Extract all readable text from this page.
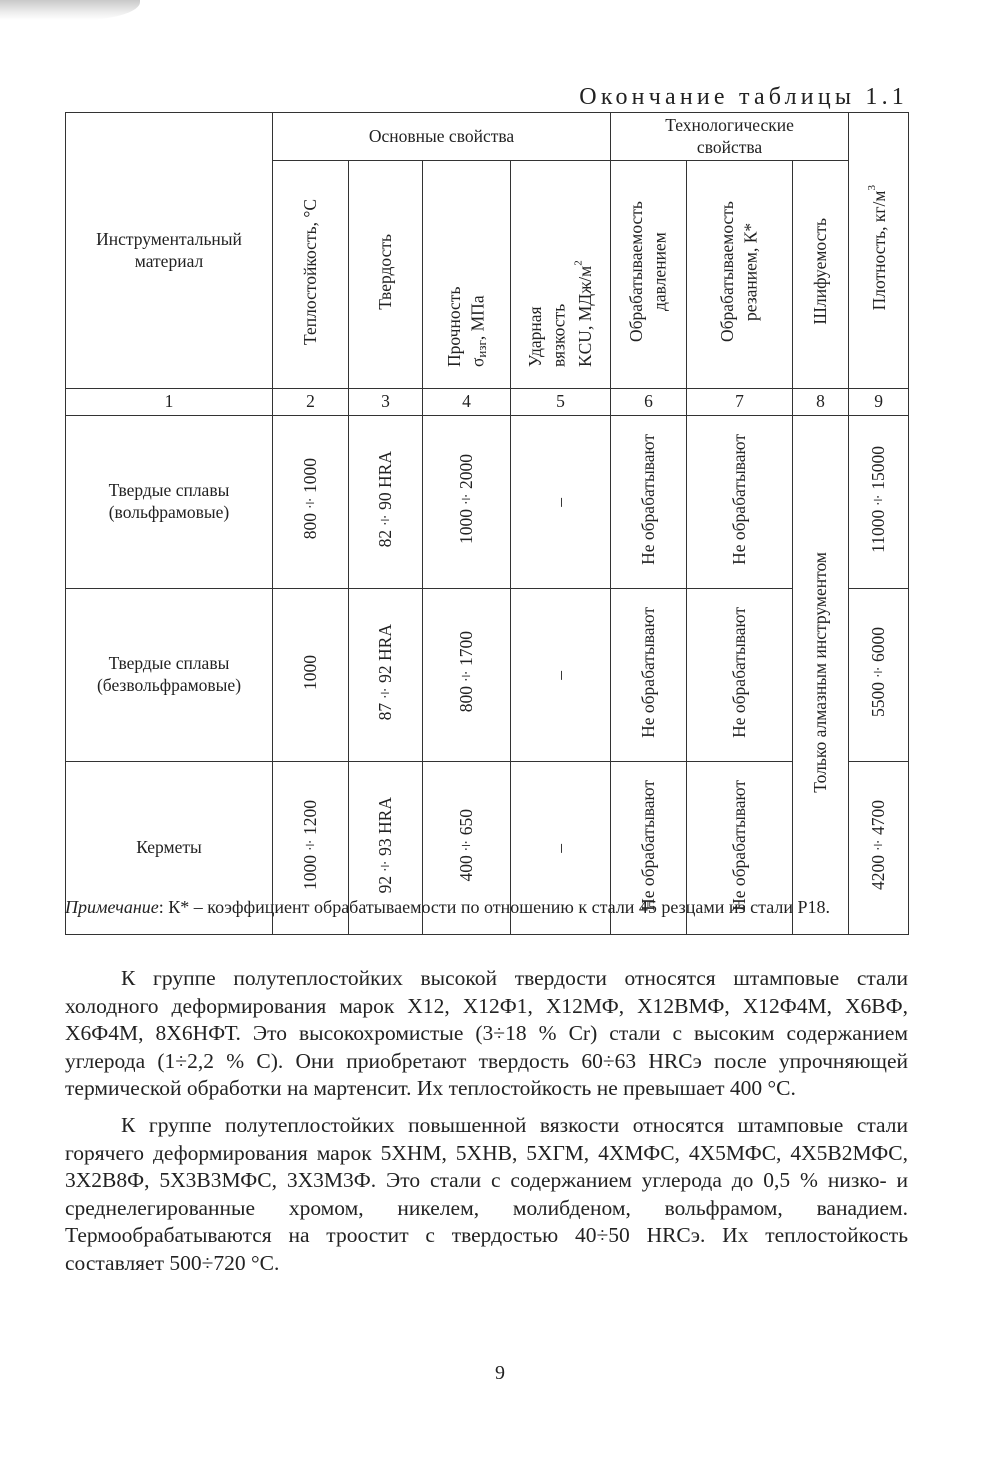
Окончание таблицы 1.1
Инструментальный материал	Основные свойства				Технологические свойства			Плотность, $кг/м^3$
	Теплостойкость, °С	Твердость	Прочность $\sigma_{изг}$, МПа	Ударная вязкость KCU, МДж/$м^2$	Обрабатываемость давлением	Обрабатываемость резанием, К*	Шлифуемость	
1	2	3	4	5	6	7	8	9
Твердые сплавы (вольфрамовые)	800÷1000	82÷90 HRA	1000÷2000	–	Не обрабатывают	Не обрабатывают	Только алмазным инструментом	11000÷15000
Твердые сплавы (безвольфрамовые)	1000	87÷92 HRA	800÷1700	–	Не обрабатывают	Не обрабатывают		5500÷6000
Керметы	1000÷1200	92÷93 HRA	400÷650	–	Не обрабатывают	Не обрабатывают		4200÷4700
Примечание: К* – коэффициент обрабатываемости по отношению к стали 45 резцами из стали Р18.

К группе полутеплостойких высокой твердости относятся штамповые стали холодного деформирования марок Х12, Х12Ф1, Х12МФ, Х12ВМФ, Х12Ф4М, Х6ВФ, Х6Ф4М, 8Х6НФТ. Это высокохромистые (3÷18 % Cr) стали с высоким содержанием углерода (1÷2,2 % С). Они приобретают твердость 60÷63 HRCэ после упрочняющей термической обработки на мартенсит. Их теплостойкость не превышает 400 °С.

К группе полутеплостойких повышенной вязкости относятся штамповые стали горячего деформирования марок 5ХНМ, 5ХНВ, 5ХГМ, 4ХМФС, 4Х5МФС, 4Х5В2МФС, 3Х2В8Ф, 5Х3В3МФС, 3Х3М3Ф. Это стали с содержанием углерода до 0,5 % низко- и среднелегированные хромом, никелем, молибденом, вольфрамом, ванадием. Термообрабатываются на троостит с твердостью 40÷50 HRCэ. Их теплостойкость составляет 500÷720 °С.

9
